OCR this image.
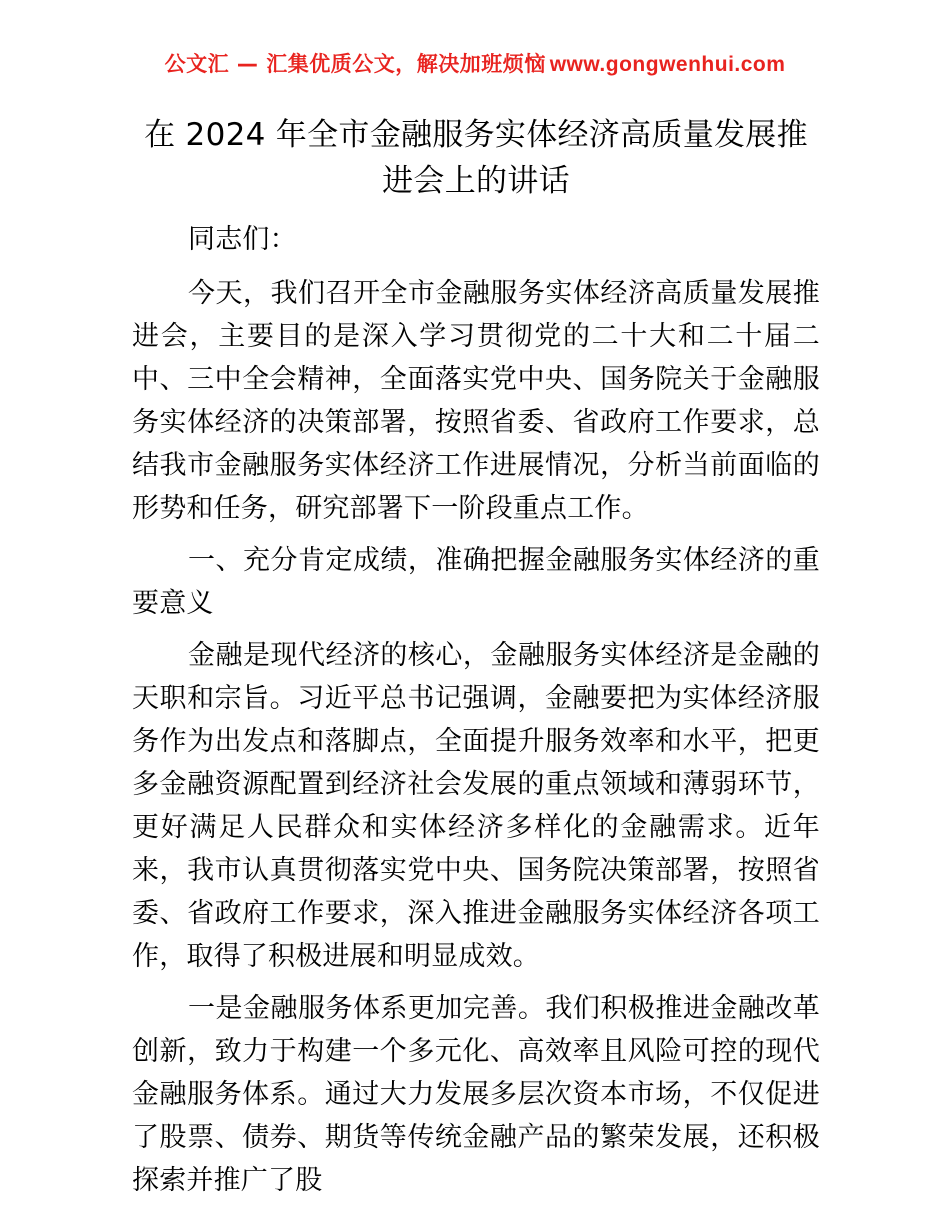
公文汇 — 汇集优质公文，解决加班烦恼 www.gongwenhui.com
在 2024 年全市金融服务实体经济高质量发展推进会上的讲话

同志们：

今天，我们召开全市金融服务实体经济高质量发展推进会，主要目的是深入学习贯彻党的二十大和二十届二中、三中全会精神，全面落实党中央、国务院关于金融服务实体经济的决策部署，按照省委、省政府工作要求，总结我市金融服务实体经济工作进展情况，分析当前面临的形势和任务，研究部署下一阶段重点工作。

一、充分肯定成绩，准确把握金融服务实体经济的重要意义

金融是现代经济的核心，金融服务实体经济是金融的天职和宗旨。习近平总书记强调，金融要把为实体经济服务作为出发点和落脚点，全面提升服务效率和水平，把更多金融资源配置到经济社会发展的重点领域和薄弱环节，更好满足人民群众和实体经济多样化的金融需求。近年来，我市认真贯彻落实党中央、国务院决策部署，按照省委、省政府工作要求，深入推进金融服务实体经济各项工作，取得了积极进展和明显成效。

一是金融服务体系更加完善。我们积极推进金融改革创新，致力于构建一个多元化、高效率且风险可控的现代金融服务体系。通过大力发展多层次资本市场，不仅促进了股票、债券、期货等传统金融产品的繁荣发展，还积极探索并推广了股
